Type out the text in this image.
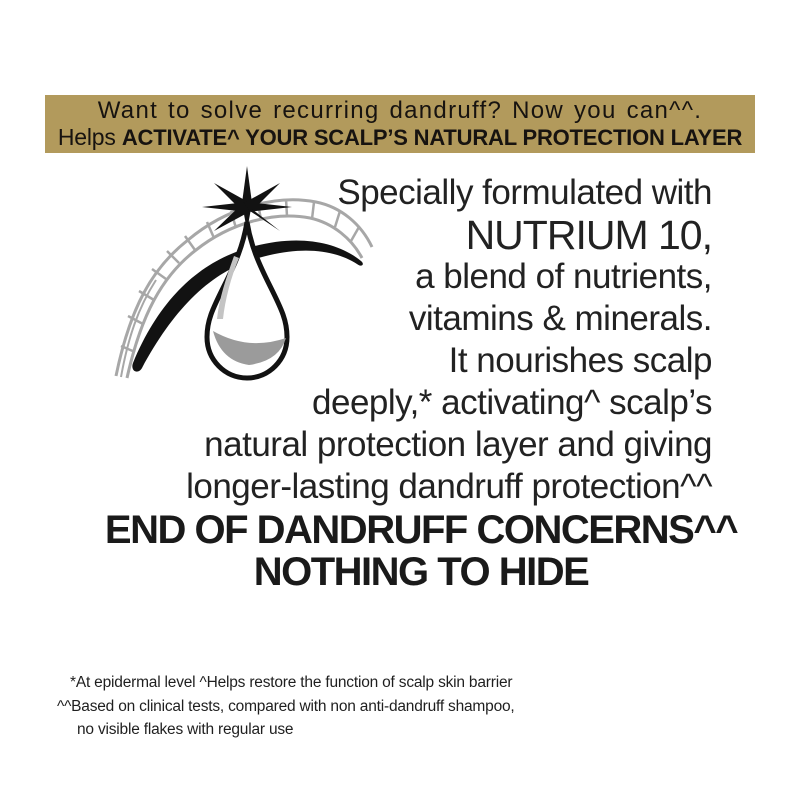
Want to solve recurring dandruff? Now you can^^.
Helps ACTIVATE^ YOUR SCALP’S NATURAL PROTECTION LAYER
Specially formulated with
NUTRIUM 10,
a blend of nutrients,
vitamins & minerals.
It nourishes scalp
deeply,* activating^ scalp’s
natural protection layer and giving
longer-lasting dandruff protection^^
END OF DANDRUFF CONCERNS^^
NOTHING TO HIDE
*At epidermal level ^Helps restore the function of scalp skin barrier
^^Based on clinical tests, compared with non anti-dandruff shampoo,
no visible flakes with regular use
